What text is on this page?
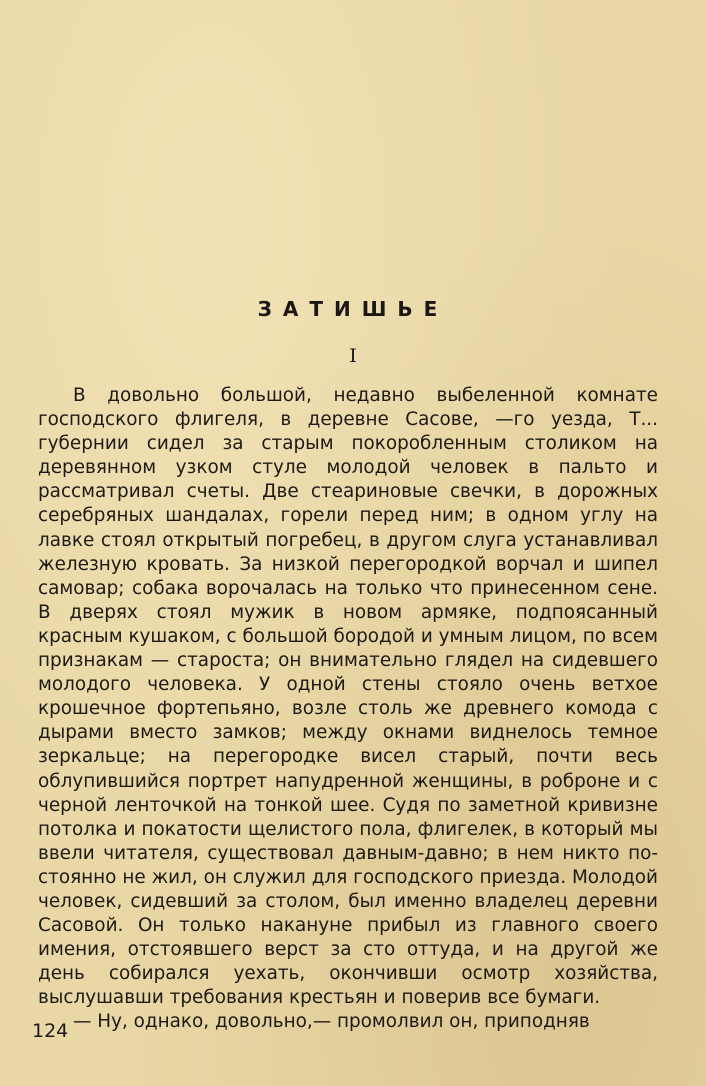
ЗАТИШЬЕ
I

В довольно большой, недавно выбеленной комнате господского флигеля, в деревне Сасове, —го уезда, Т... губернии сидел за старым покоробленным столиком на деревянном узком стуле молодой человек в пальто и рассматривал счеты. Две стеариновые свечки, в дорожных серебряных шандалах, горели перед ним; в одном углу на лавке стоял открытый погребец, в другом слуга устанавливал железную кровать. За низкой перегородкой ворчал и шипел самовар; собака ворочалась на только что принесенном сене. В дверях стоял мужик в новом армяке, подпоясанный красным кушаком, с большой бородой и умным лицом, по всем признакам — староста; он внимательно глядел на сидевшего молодого человека. У одной стены стояло очень ветхое крошечное фортепьяно, возле столь же древнего комода с дырами вместо замков; между окнами виднелось темное зеркальце; на перегородке висел старый, почти весь облупившийся портрет напудренной женщины, в роброне и с черной ленточкой на тонкой шее. Судя по заметной кривизне потолка и покатости щелистого пола, флигелек, в который мы ввели читателя, существовал давным-давно; в нем никто постоянно не жил, он служил для господского приезда. Молодой человек, сидевший за столом, был именно владелец деревни Сасовой. Он только накануне прибыл из главного своего имения, отстоявшего верст за сто оттуда, и на другой же день собирался уехать, окончивши осмотр хозяйства, выслушавши требования крестьян и поверив все бумаги.

— Ну, однако, довольно,— промолвил он, приподняв

124
